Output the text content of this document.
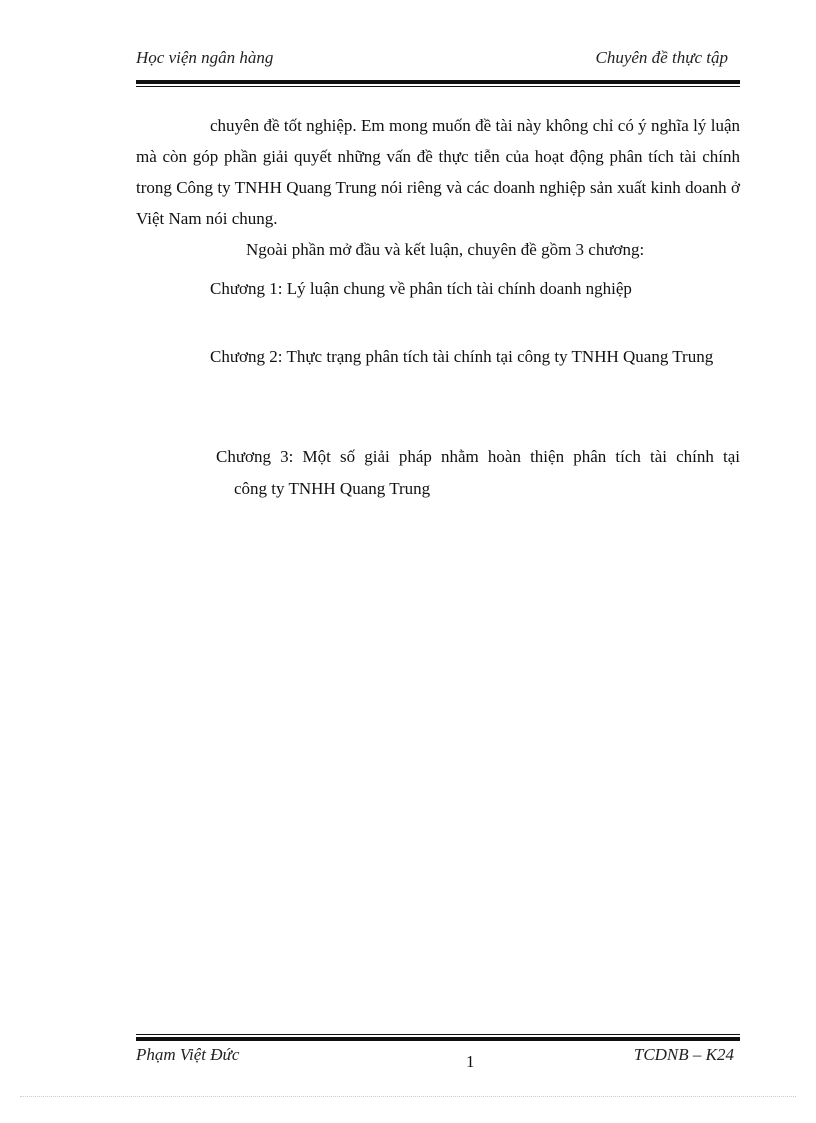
Học viện ngân hàng	Chuyên đề thực tập

chuyên đề tốt nghiệp. Em mong muốn đề tài này không chỉ có ý nghĩa lý luận mà còn góp phần giải quyết những vấn đề thực tiễn của hoạt động phân tích tài chính trong Công ty TNHH Quang Trung nói riêng và các doanh nghiệp sản xuất kinh doanh ở Việt Nam nói chung.

Ngoài phần mở đầu và kết luận, chuyên đề gồm 3 chương:

Chương 1: Lý luận chung về phân tích tài chính doanh nghiệp

Chương 2: Thực trạng phân tích tài chính tại công ty TNHH Quang Trung

Chương 3: Một số giải pháp nhằm hoàn thiện phân tích tài chính tại

công ty TNHH Quang Trung

Phạm Việt Đức	1	TCDNB – K24
